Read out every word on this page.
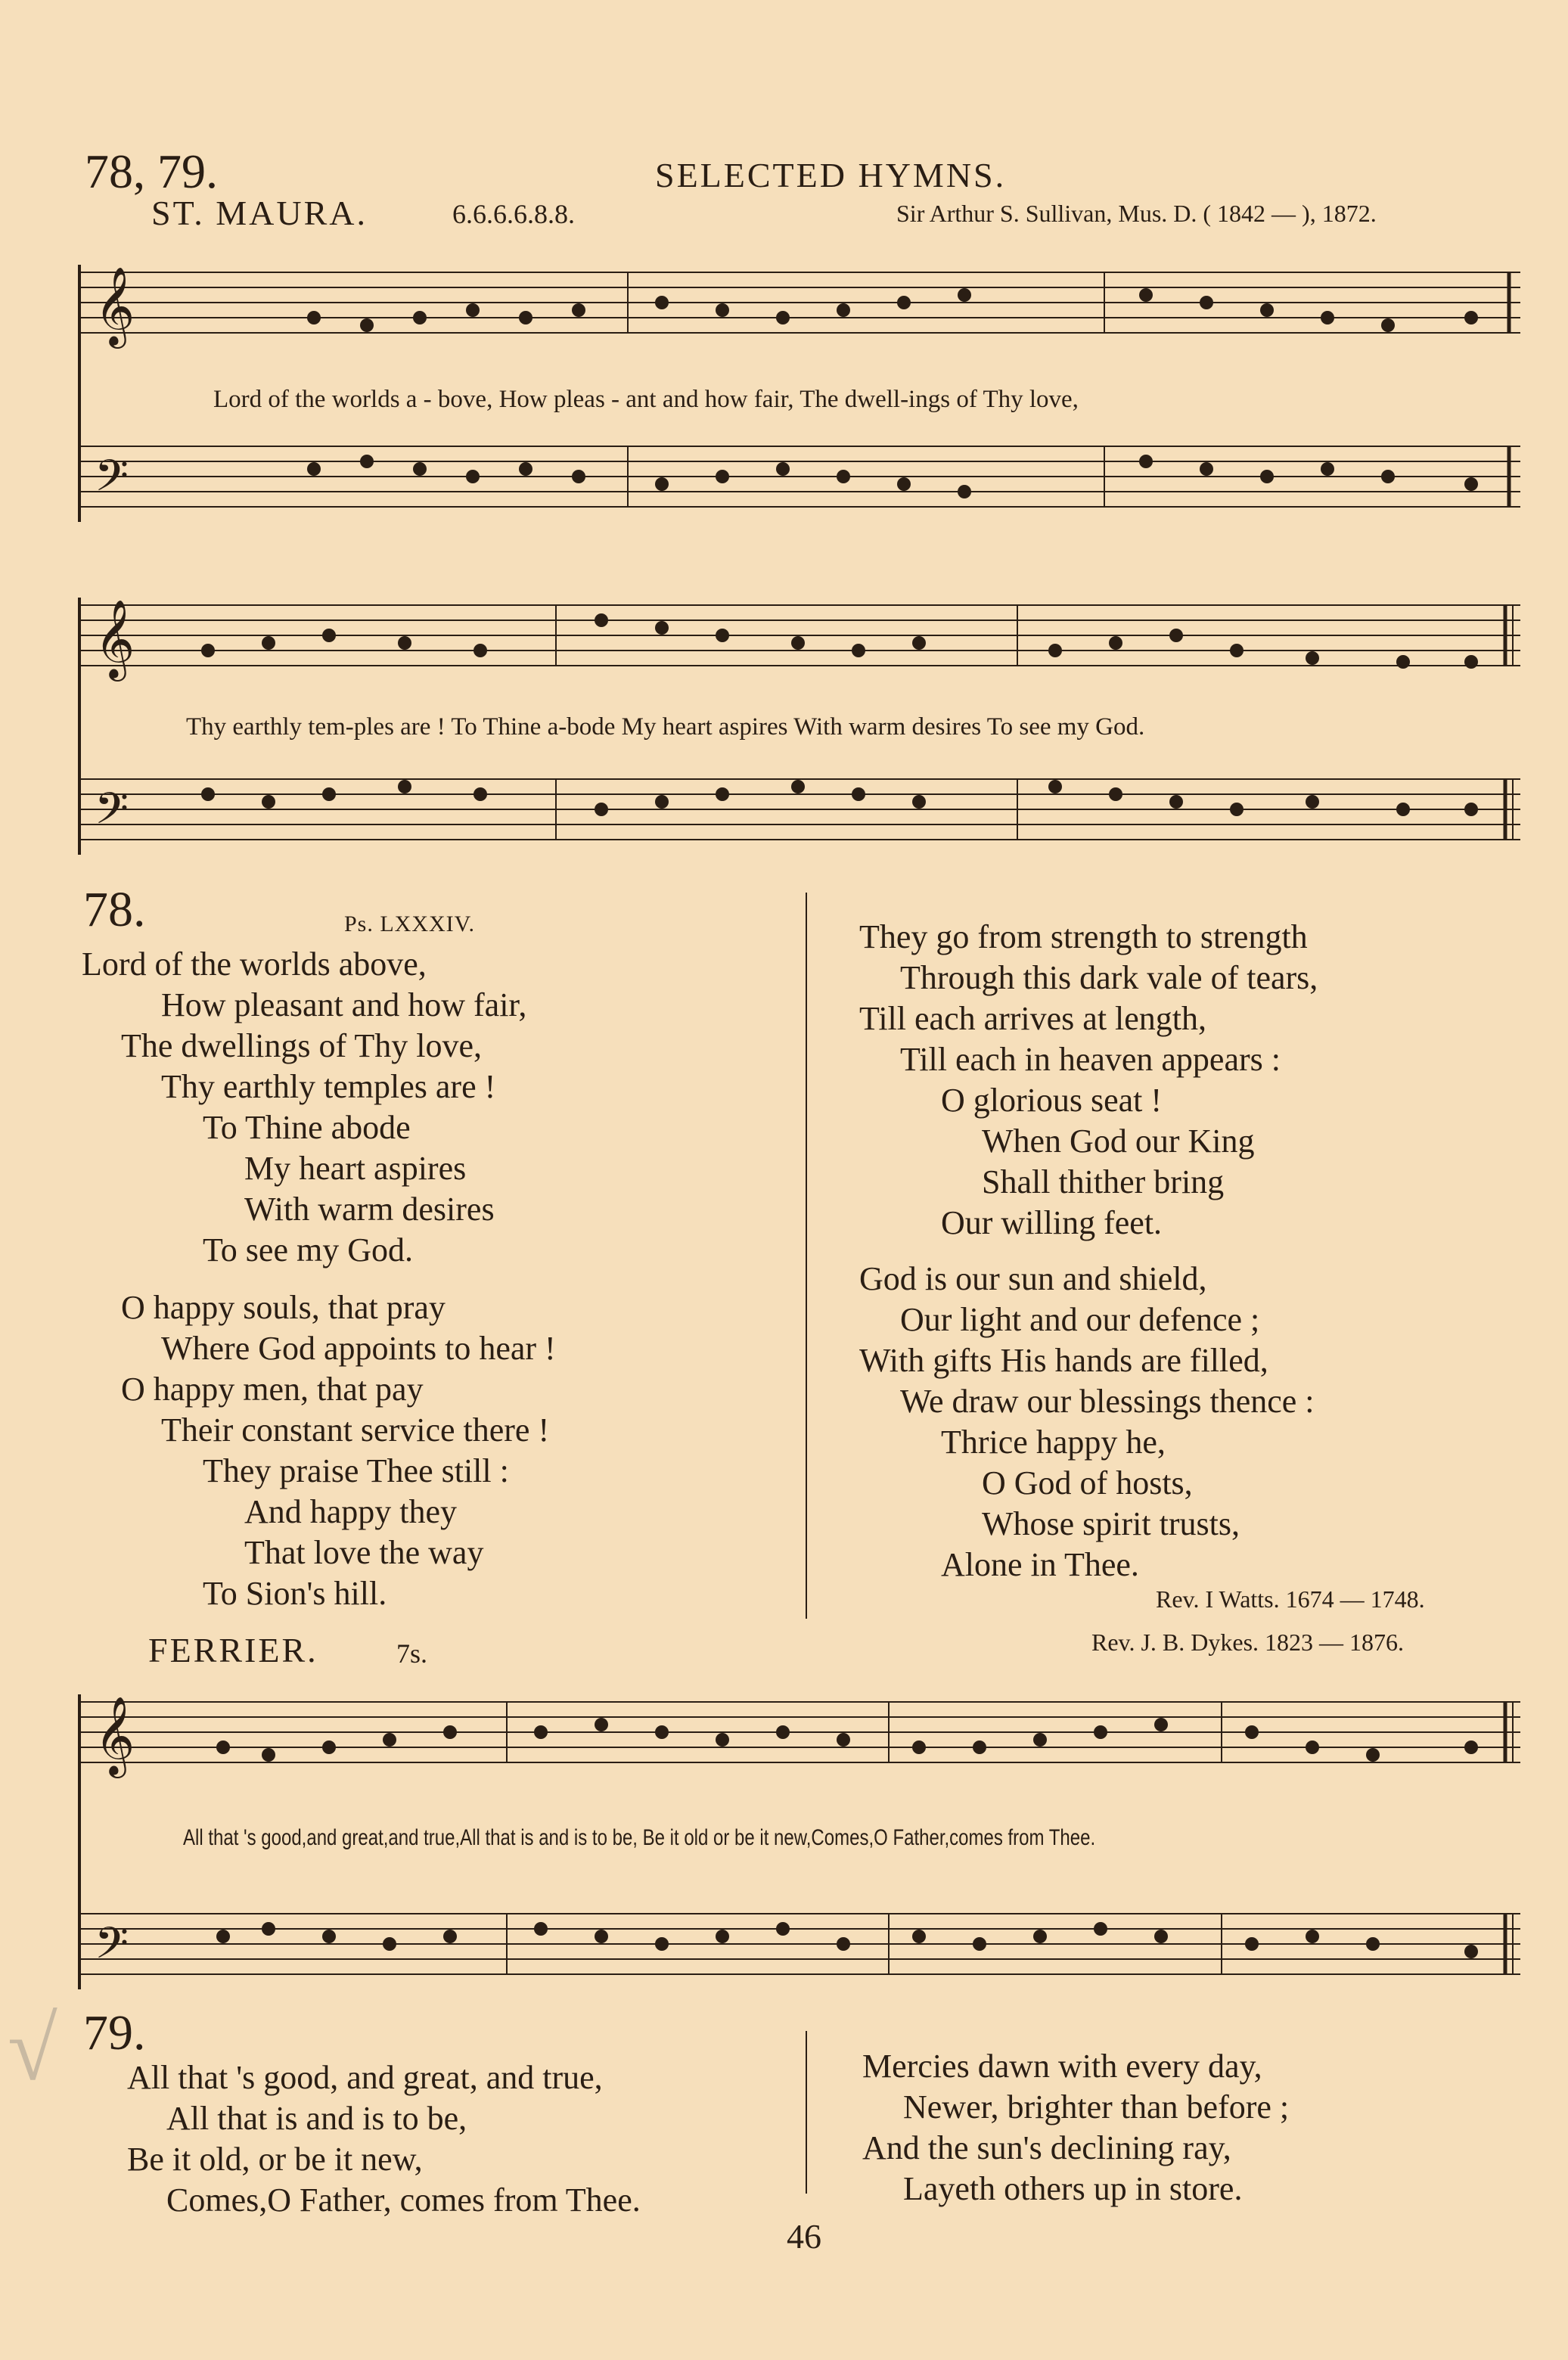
78, 79.	SELECTED HYMNS.
ST. MAURA.	6.6.6.6.8.8.	Sir Arthur S. Sullivan, Mus. D. ( 1842 — ), 1872.
𝄞
𝄢
Lord of the worlds a - bove, How pleas - ant and how fair, The dwell-ings of Thy love,
𝄞
𝄢
Thy earthly tem-ples are ! To Thine a-bode My heart aspires With warm desires To see my God.
78.	Ps. LXXXIV.
Lord of the worlds above,
How pleasant and how fair,
The dwellings of Thy love,
Thy earthly temples are !
To Thine abode
My heart aspires
With warm desires
To see my God.
O happy souls, that pray
Where God appoints to hear !
O happy men, that pay
Their constant service there !
They praise Thee still :
And happy they
That love the way
To Sion's hill.
They go from strength to strength
Through this dark vale of tears,
Till each arrives at length,
Till each in heaven appears :
O glorious seat !
When God our King
Shall thither bring
Our willing feet.
God is our sun and shield,
Our light and our defence ;
With gifts His hands are filled,
We draw our blessings thence :
Thrice happy he,
O God of hosts,
Whose spirit trusts,
Alone in Thee.
Rev. I Watts. 1674 — 1748.
FERRIER.	7s.	Rev. J. B. Dykes. 1823 — 1876.
𝄞
𝄢
All that 's good,and great,and true,All that is and is to be, Be it old or be it new,Comes,O Father,comes from Thee.
√ 79.
All that 's good, and great, and true,
All that is and is to be,
Be it old, or be it new,
Comes,O Father, comes from Thee.
Mercies dawn with every day,
Newer, brighter than before ;
And the sun's declining ray,
Layeth others up in store.
46
